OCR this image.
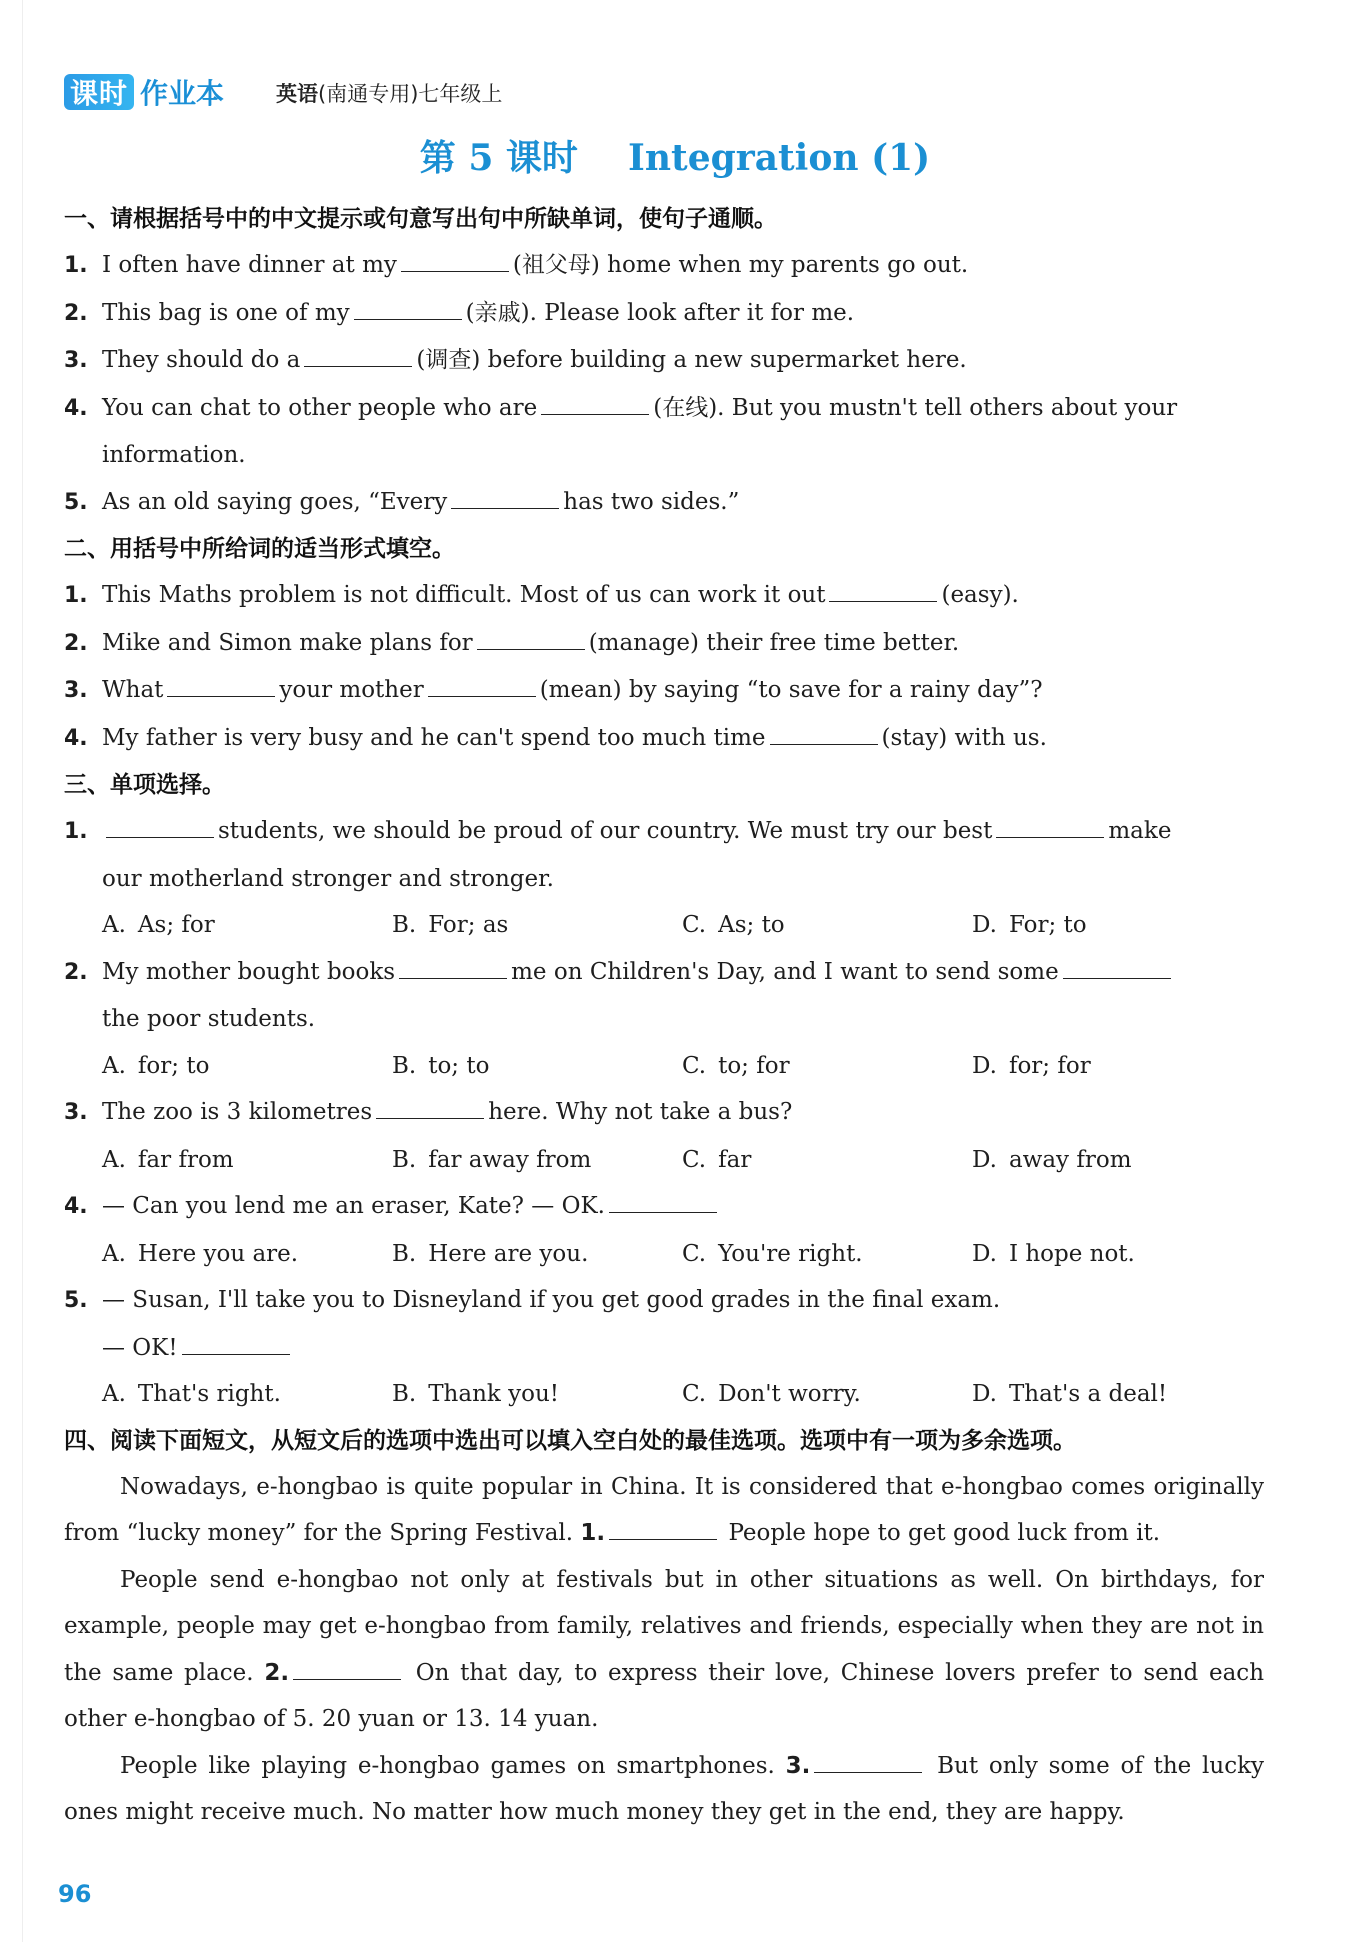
课时 作业本 英语(南通专用)七年级上
第 5 课时    Integration (1)
一、请根据括号中的中文提示或句意写出句中所缺单词，使句子通顺。
1. I often have dinner at my	(祖父母) home when my parents go out.
2. This bag is one of my	(亲戚). Please look after it for me.
3. They should do a	(调查) before building a new supermarket here.
4. You can chat to other people who are	(在线). But you mustn't tell others about your
information.
5. As an old saying goes, “Every	has two sides.”
二、用括号中所给词的适当形式填空。
1. This Maths problem is not difficult. Most of us can work it out	(easy).
2. Mike and Simon make plans for	(manage) their free time better.
3. What	your mother	(mean) by saying “to save for a rainy day”?
4. My father is very busy and he can't spend too much time	(stay) with us.
三、单项选择。
1.	students, we should be proud of our country. We must try our best	make
our motherland stronger and stronger.
A. As; for	B. For; as	C. As; to	D. For; to
2. My mother bought books	me on Children's Day, and I want to send some
the poor students.
A. for; to	B. to; to	C. to; for	D. for; for
3. The zoo is 3 kilometres	here. Why not take a bus?
A. far from	B. far away from	C. far	D. away from
4. — Can you lend me an eraser, Kate? — OK.
A. Here you are.	B. Here are you.	C. You're right.	D. I hope not.
5. — Susan, I'll take you to Disneyland if you get good grades in the final exam.
— OK!
A. That's right.	B. Thank you!	C. Don't worry.	D. That's a deal!
四、阅读下面短文，从短文后的选项中选出可以填入空白处的最佳选项。选项中有一项为多余选项。
Nowadays, e-hongbao is quite popular in China. It is considered that e-hongbao comes originally from “lucky money” for the Spring Festival. 1.	People hope to get good luck from it.
People send e-hongbao not only at festivals but in other situations as well. On birthdays, for example, people may get e-hongbao from family, relatives and friends, especially when they are not in the same place. 2.	On that day, to express their love, Chinese lovers prefer to send each other e-hongbao of 5. 20 yuan or 13. 14 yuan.
People like playing e-hongbao games on smartphones. 3.	But only some of the lucky ones might receive much. No matter how much money they get in the end, they are happy.
96
